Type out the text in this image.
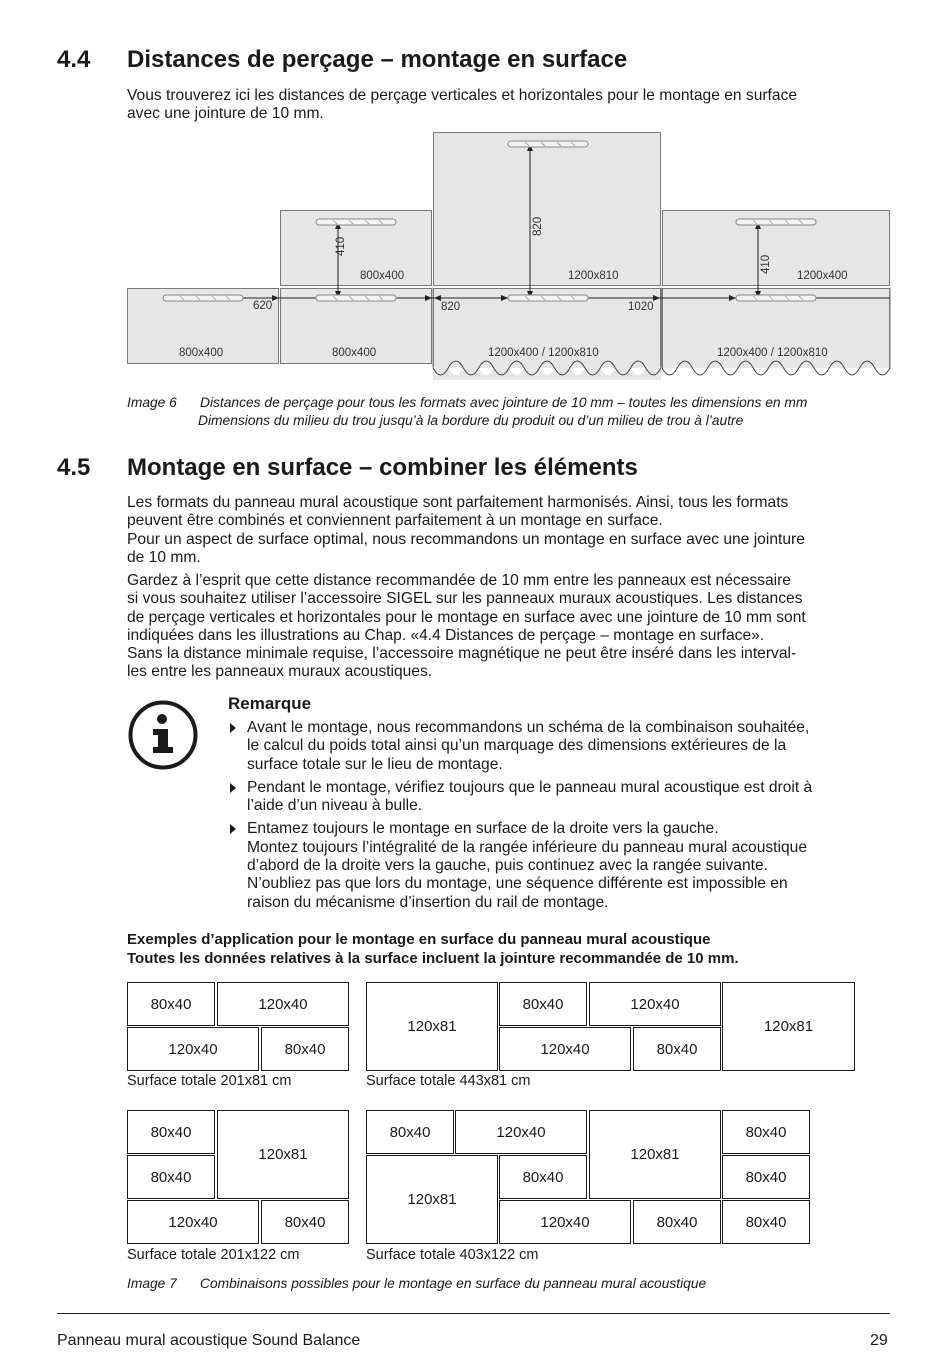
4.4 Distances de perçage – montage en surface
Vous trouverez ici les distances de perçage verticales et horizontales pour le montage en surface
avec une jointure de 10 mm.
800x400	800x400	1200x400 / 1200x810	1200x400 / 1200x810
800x400	1200x810	1200x400
620	820	1020
410
820
410
Image 6 Distances de perçage pour tous les formats avec jointure de 10 mm – toutes les dimensions en mm
Dimensions du milieu du trou jusqu’à la bordure du produit ou d’un milieu de trou à l’autre
4.5 Montage en surface – combiner les éléments
Les formats du panneau mural acoustique sont parfaitement harmonisés. Ainsi, tous les formats
peuvent être combinés et conviennent parfaitement à un montage en surface.
Pour un aspect de surface optimal, nous recommandons un montage en surface avec une jointure
de 10 mm.
Gardez à l’esprit que cette distance recommandée de 10 mm entre les panneaux est nécessaire
si vous souhaitez utiliser l’accessoire SIGEL sur les panneaux muraux acoustiques. Les distances
de perçage verticales et horizontales pour le montage en surface avec une jointure de 10 mm sont
indiquées dans les illustrations au Chap. «4.4 Distances de perçage – montage en surface».
Sans la distance minimale requise, l’accessoire magnétique ne peut être inséré dans les interval-
les entre les panneaux muraux acoustiques.
Remarque
Avant le montage, nous recommandons un schéma de la combinaison souhaitée,
le calcul du poids total ainsi qu’un marquage des dimensions extérieures de la
surface totale sur le lieu de montage.
Pendant le montage, vérifiez toujours que le panneau mural acoustique est droit à
l’aide d’un niveau à bulle.
Entamez toujours le montage en surface de la droite vers la gauche.
Montez toujours l’intégralité de la rangée inférieure du panneau mural acoustique
d’abord de la droite vers la gauche, puis continuez avec la rangée suivante.
N’oubliez pas que lors du montage, une séquence différente est impossible en
raison du mécanisme d’insertion du rail de montage.
Exemples d’application pour le montage en surface du panneau mural acoustique
Toutes les données relatives à la surface incluent la jointure recommandée de 10 mm.
80x40	120x40
120x40	80x40
Surface totale 201x81 cm
120x81
80x40	120x40
120x40	80x40
120x81
Surface totale 443x81 cm
80x40
80x40
120x81
120x40	80x40
Surface totale 201x122 cm
80x40	120x40
120x81
80x40
80x40
120x81
80x40
80x40
120x40	80x40
Surface totale 403x122 cm
Image 7 Combinaisons possibles pour le montage en surface du panneau mural acoustique
Panneau mural acoustique Sound Balance	29
